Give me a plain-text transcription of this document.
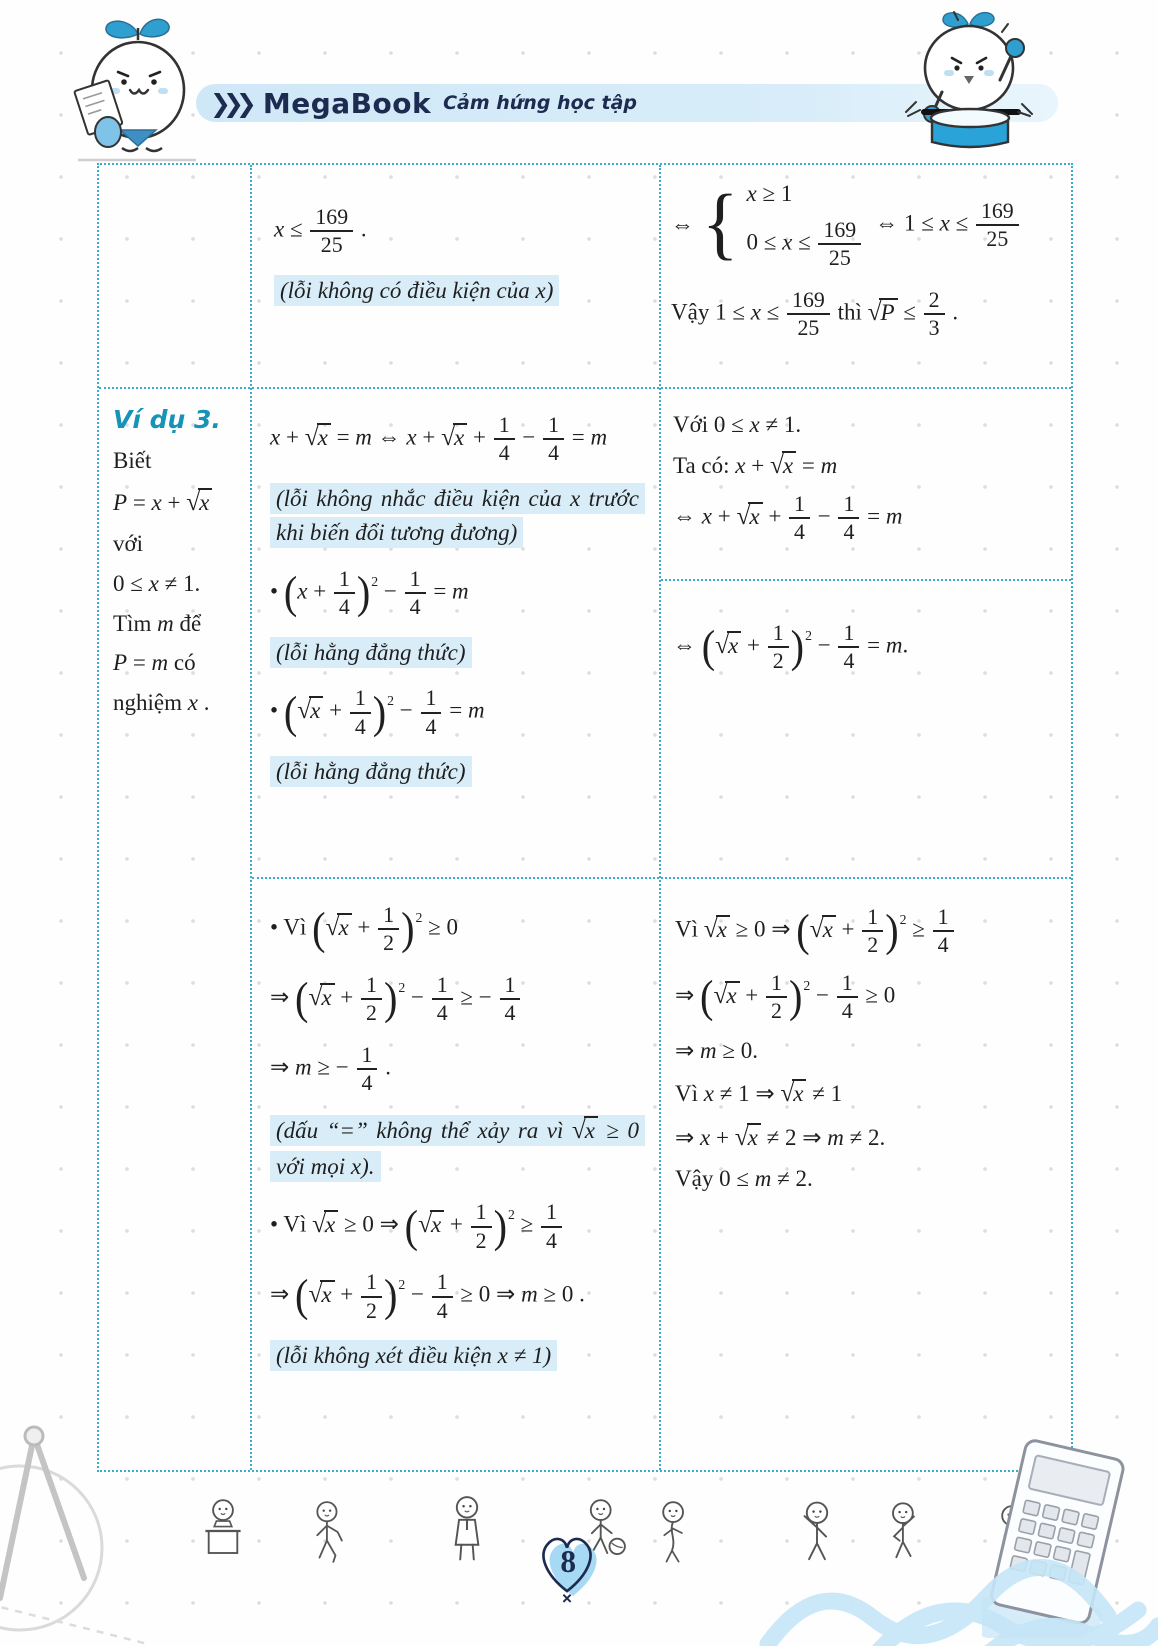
❯❯❯ MegaBook Cảm hứng học tập
Ví dụ 3.
Biết
P = x + √x
với
0 ≤ x ≠ 1.
Tìm m để
P = m có
nghiệm x .
$x \le \frac{169}{25}$ .
(lỗi không có điều kiện của x)
x + √x = m ⇔ $x + √x + \frac{1}{4} - \frac{1}{4} = m$
(lỗi không nhắc điều kiện của x trước khi biến đổi tương đương)
• $(x + \frac{1}{4} )^2 - \frac{1}{4} = m$
(lỗi hằng đẳng thức)
• $(√x + \frac{1}{4} )^2 - \frac{1}{4} = m$
(lỗi hằng đẳng thức)
• Vì $(√x + \frac{1}{2} )^2 \ge 0$
⇒ $(√x + \frac{1}{2} )^2 - \frac{1}{4}$ ≥ − $\frac{1}{4}$
⇒ m ≥ − $\frac{1}{4}$ .
(dấu “=” không thể xảy ra vì √x ≥ 0 với mọi x).
• Vì √x ≥ 0 ⇒ $(√x + \frac{1}{2} )^2 \ge \frac{1}{4}$
⇒ $(√x + \frac{1}{2} )^2 - \frac{1}{4} \ge 0$ ⇒ m ≥ 0 .
(lỗi không xét điều kiện x ≠ 1)
⇔ { x ≥ 1
$0 \le x \le \frac{169}{25}$ ⇔ $1 \le x \le \frac{169}{25}$
Vậy $1 \le x \le \frac{169}{25}$ thì $√P \le \frac{2}{3}$ .
Với 0 ≤ x ≠ 1.
Ta có: x + √x = m
⇔ $x + √x + \frac{1}{4} - \frac{1}{4} = m$
⇔ $(√x + \frac{1}{2} )^2 - \frac{1}{4} = m$.
Vì √x ≥ 0 ⇒ $(√x + \frac{1}{2} )^2 \ge \frac{1}{4}$
⇒ $(√x + \frac{1}{2} )^2 - \frac{1}{4} \ge 0$
⇒ m ≥ 0.
Vì x ≠ 1 ⇒ √x ≠ 1
⇒ x + √x ≠ 2 ⇒ m ≠ 2.
Vậy 0 ≤ m ≠ 2.
8
